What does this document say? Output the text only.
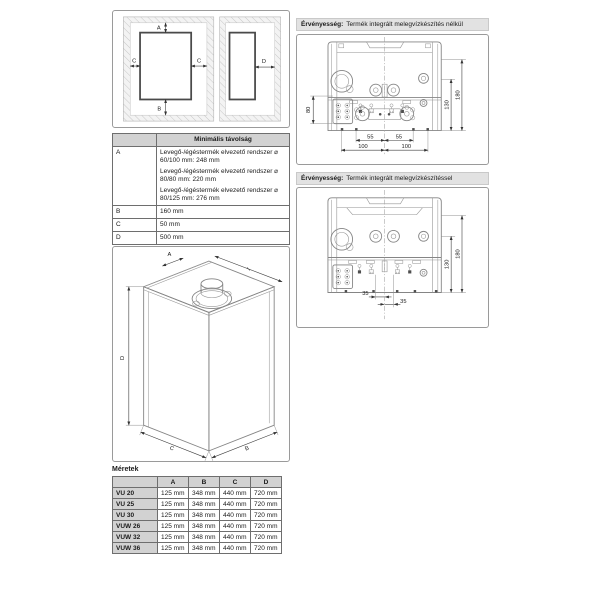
A
C	C
B
D
	Minimális távolság
A	Levegő-/égéstermék elvezető rendszer ⌀ 60/100 mm: 248 mm

Levegő-/égéstermék elvezető rendszer ⌀ 80/80 mm: 220 mm

Levegő-/égéstermék elvezető rendszer ⌀ 80/125 mm: 276 mm

B	160 mm
C	50 mm
D	500 mm
A
D
C	B

Méretek

	A	B	C	D
VU 20	125 mm	348 mm	440 mm	720 mm
VU 25	125 mm	348 mm	440 mm	720 mm
VU 30	125 mm	348 mm	440 mm	720 mm
VUW 26	125 mm	348 mm	440 mm	720 mm
VUW 32	125 mm	348 mm	440 mm	720 mm
VUW 36	125 mm	348 mm	440 mm	720 mm
Érvényesség: Termék integrált melegvízkészítés nélkül
55	55
100	100
80
130
180
Érvényesség: Termék integrált melegvízkészítéssel
35
35
130
180
